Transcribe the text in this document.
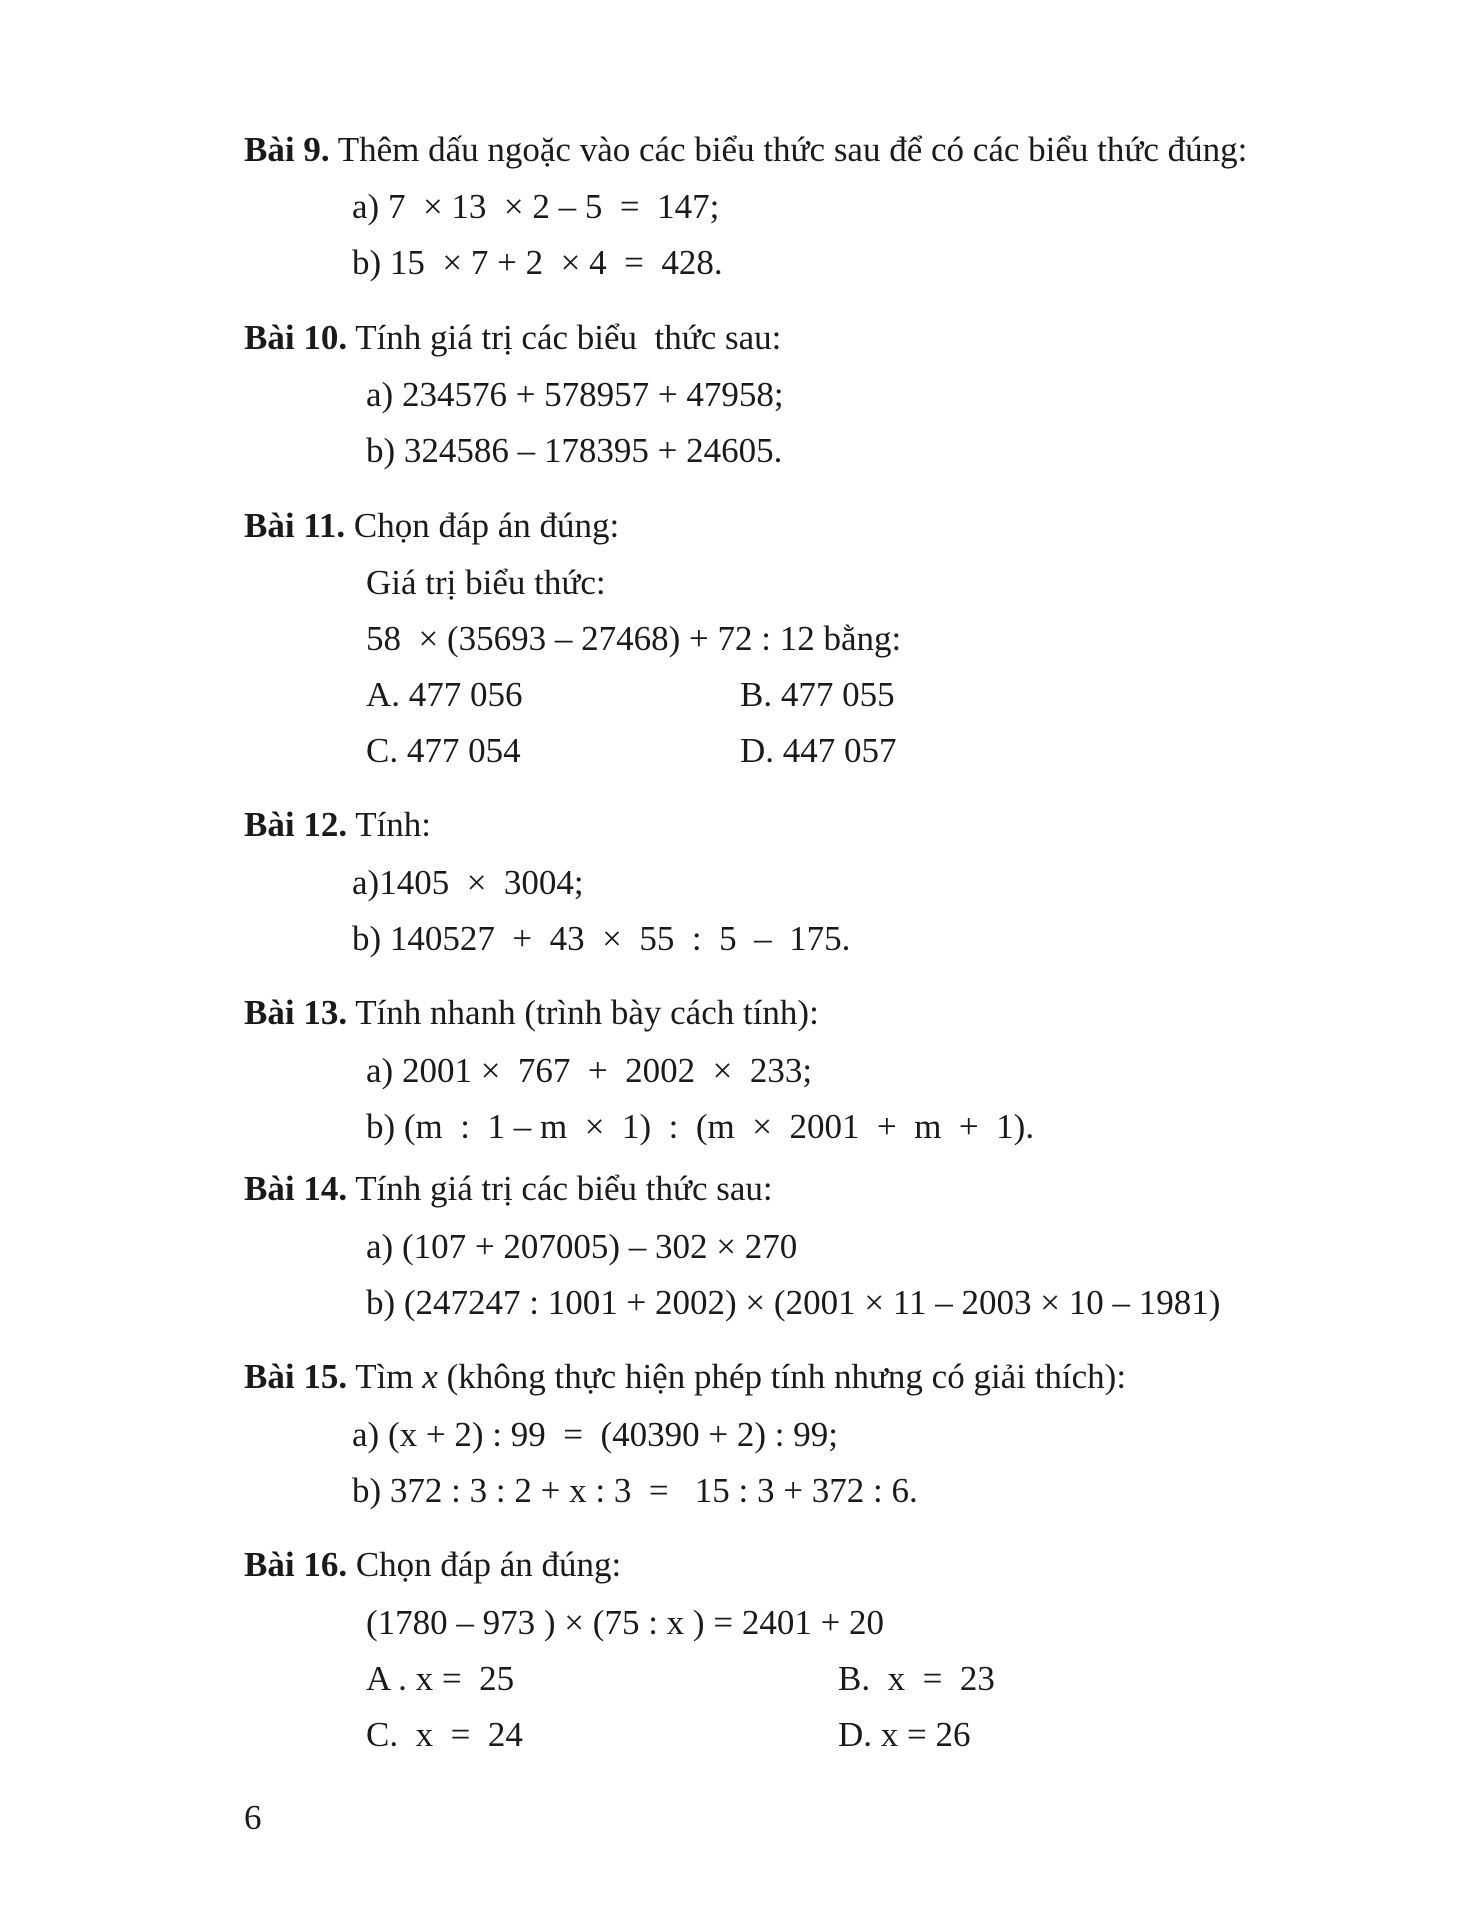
Bài 9. Thêm dấu ngoặc vào các biểu thức sau để có các biểu thức đúng:
a) 7  × 13  × 2 – 5  =  147;
b) 15  × 7 + 2  × 4  =  428.
Bài 10. Tính giá trị các biểu  thức sau:
a) 234576 + 578957 + 47958;
b) 324586 – 178395 + 24605.
Bài 11. Chọn đáp án đúng:
Giá trị biểu thức:
58  × (35693 – 27468) + 72 : 12 bằng:
A. 477 056	B. 477 055
C. 477 054	D. 447 057
Bài 12. Tính:
a)1405  ×  3004;
b) 140527  +  43  ×  55  :  5  –  175.
Bài 13. Tính nhanh (trình bày cách tính):
a) 2001 ×  767  +  2002  ×  233;
b) (m  :  1 – m  ×  1)  :  (m  ×  2001  +  m  +  1).
Bài 14. Tính giá trị các biểu thức sau:
a) (107 + 207005) – 302 × 270
b) (247247 : 1001 + 2002) × (2001 × 11 – 2003 × 10 – 1981)
Bài 15. Tìm x (không thực hiện phép tính nhưng có giải thích):
a) (x + 2) : 99  =  (40390 + 2) : 99;
b) 372 : 3 : 2 + x : 3  =   15 : 3 + 372 : 6.
Bài 16. Chọn đáp án đúng:
(1780 – 973 ) × (75 : x ) = 2401 + 20
A . x =  25	B.  x  =  23
C.  x  =  24	D. x = 26
6
